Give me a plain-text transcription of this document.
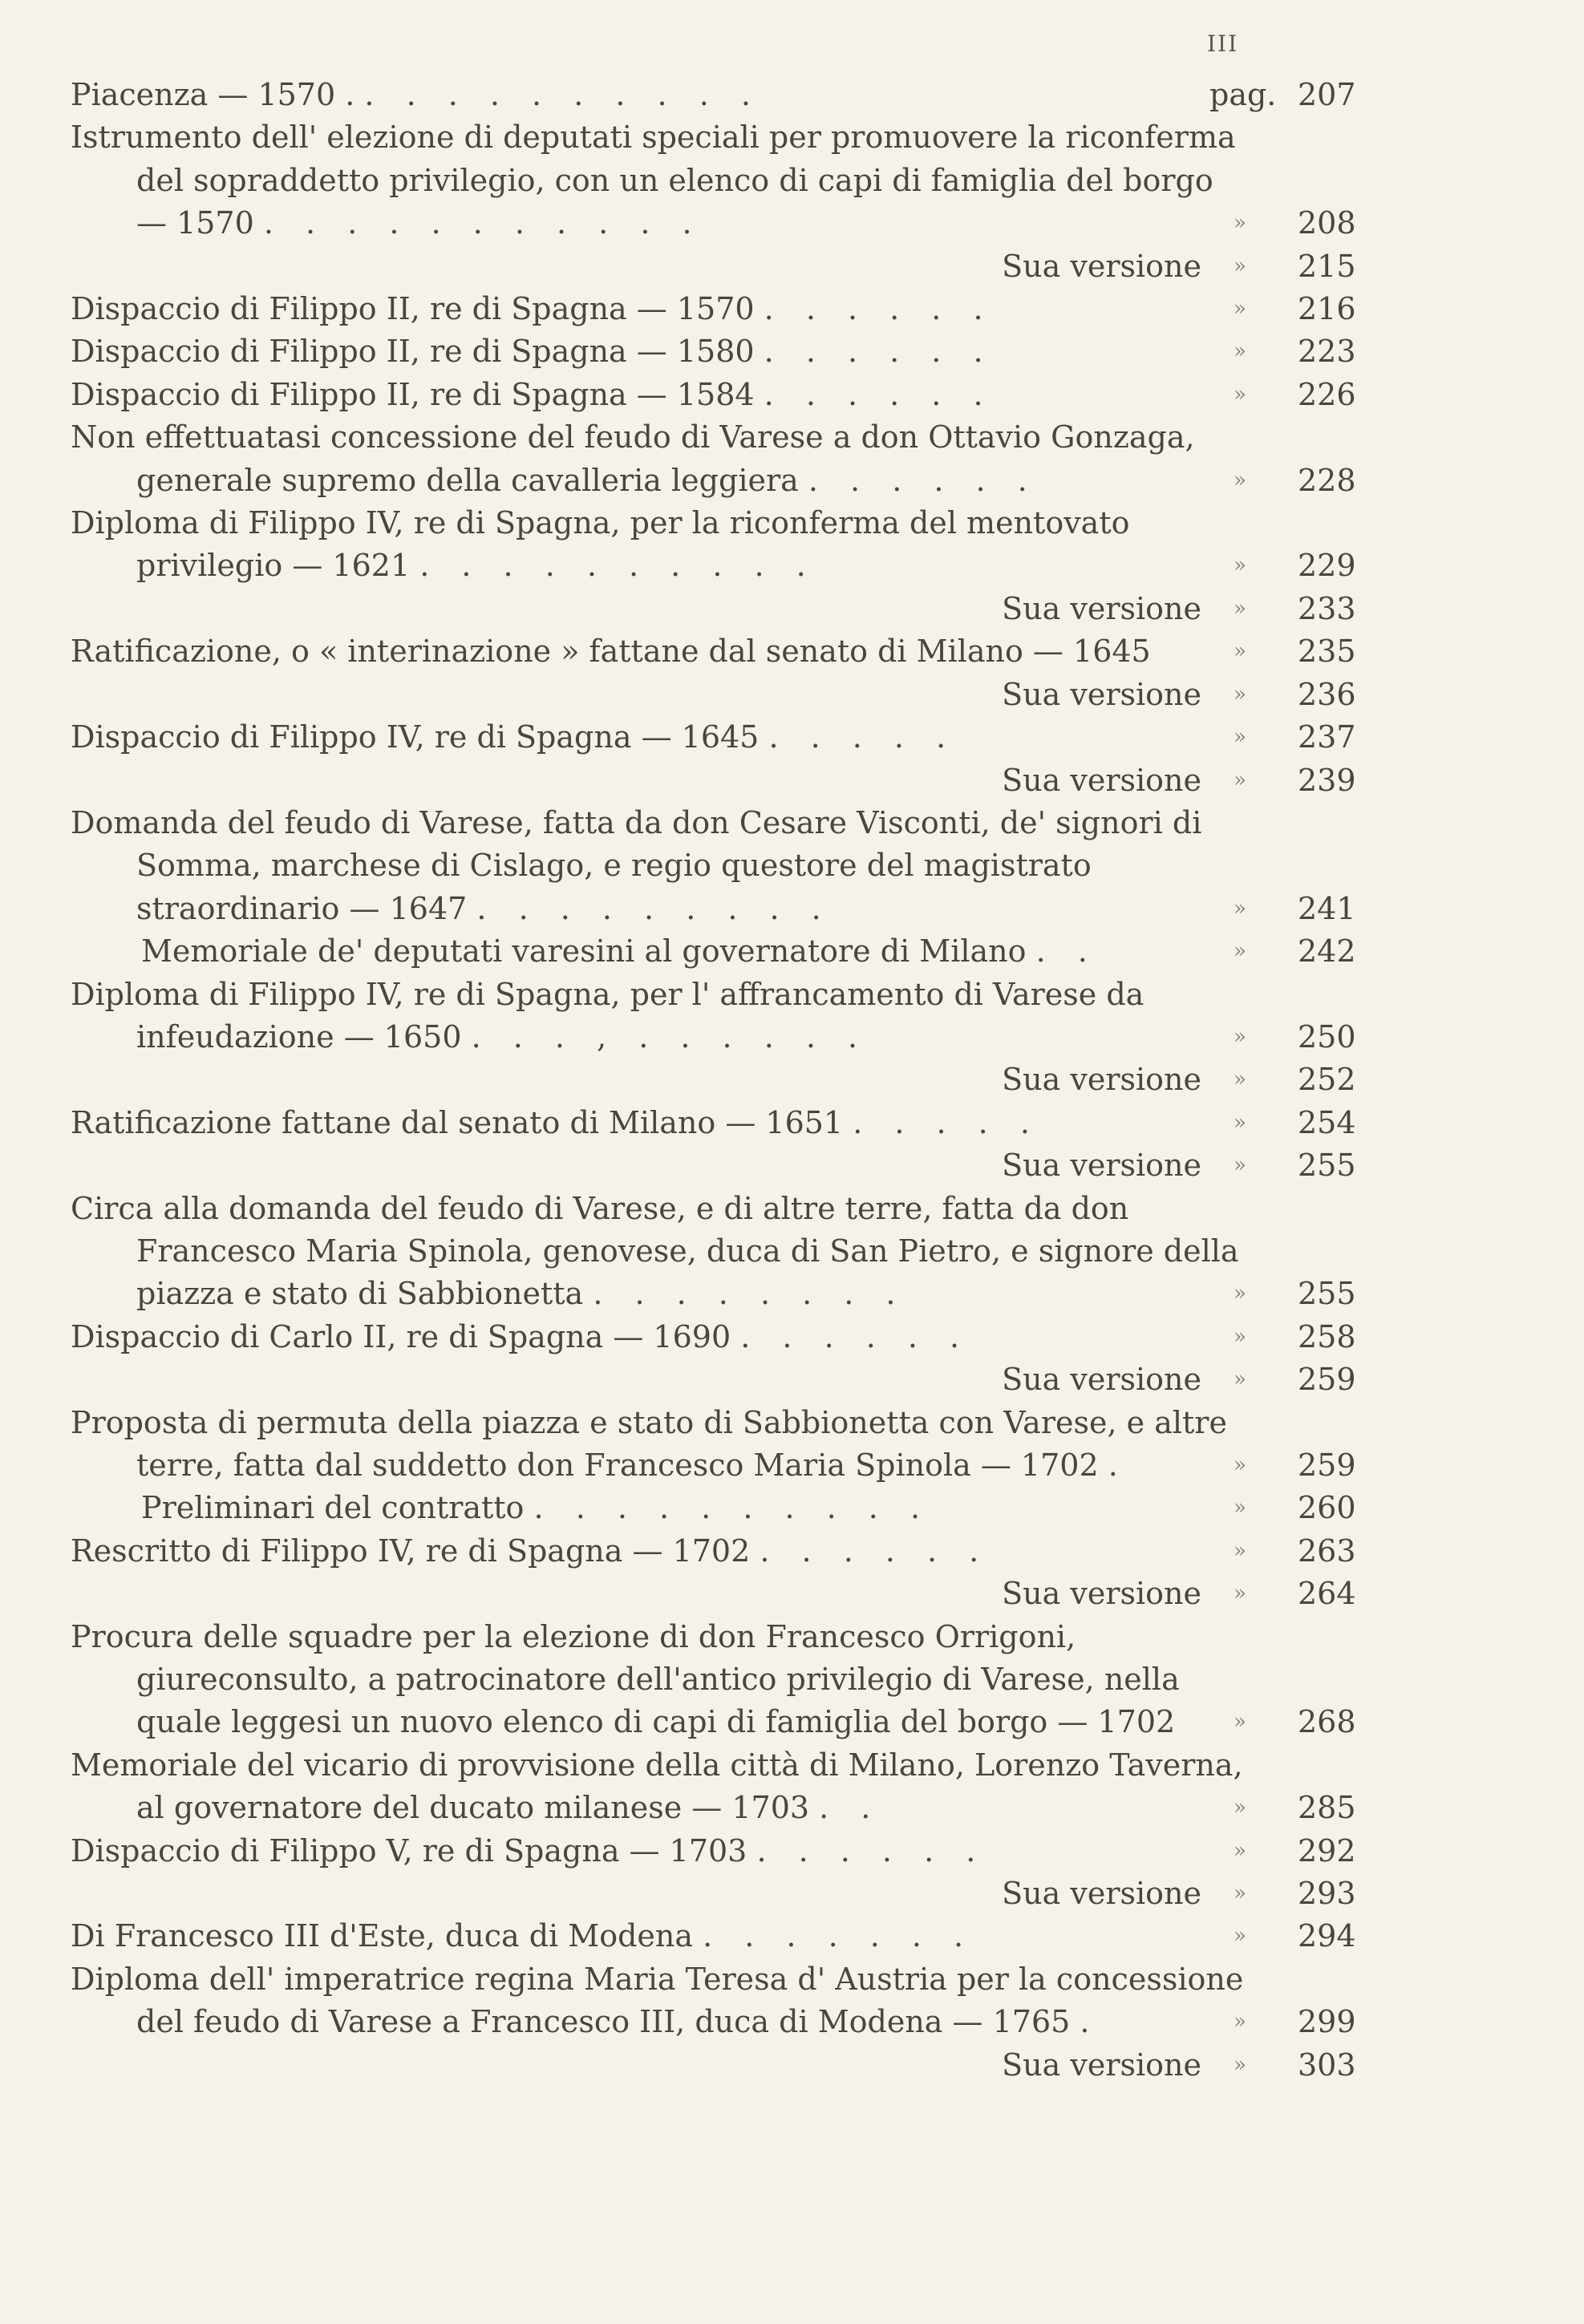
III
Piacenza — 1570 . . . . . . . . . . .	pag. 207
Istrumento dell' elezione di deputati speciali per promuovere la riconferma del sopraddetto privilegio, con un elenco di capi di famiglia del borgo — 1570 . . . . . . . . . . .	» 208
Sua versione	» 215
Dispaccio di Filippo II, re di Spagna — 1570 . . . . . .	» 216
Dispaccio di Filippo II, re di Spagna — 1580 . . . . . .	» 223
Dispaccio di Filippo II, re di Spagna — 1584 . . . . . .	» 226
Non effettuatasi concessione del feudo di Varese a don Ottavio Gonzaga, generale supremo della cavalleria leggiera . . . . . .	» 228
Diploma di Filippo IV, re di Spagna, per la riconferma del mentovato privilegio — 1621 . . . . . . . . . .	» 229
Sua versione	» 233
Ratificazione, o « interinazione » fattane dal senato di Milano — 1645	» 235
Sua versione	» 236
Dispaccio di Filippo IV, re di Spagna — 1645 . . . . .	» 237
Sua versione	» 239
Domanda del feudo di Varese, fatta da don Cesare Visconti, de' signori di Somma, marchese di Cislago, e regio questore del magistrato straordinario — 1647 . . . . . . . . .	» 241
Memoriale de' deputati varesini al governatore di Milano . .	» 242
Diploma di Filippo IV, re di Spagna, per l' affrancamento di Varese da infeudazione — 1650 . . . , . . . . . .	» 250
Sua versione	» 252
Ratificazione fattane dal senato di Milano — 1651 . . . . .	» 254
Sua versione	» 255
Circa alla domanda del feudo di Varese, e di altre terre, fatta da don Francesco Maria Spinola, genovese, duca di San Pietro, e signore della piazza e stato di Sabbionetta . . . . . . . .	» 255
Dispaccio di Carlo II, re di Spagna — 1690 . . . . . .	» 258
Sua versione	» 259
Proposta di permuta della piazza e stato di Sabbionetta con Varese, e altre terre, fatta dal suddetto don Francesco Maria Spinola — 1702 .	» 259
Preliminari del contratto . . . . . . . . . .	» 260
Rescritto di Filippo IV, re di Spagna — 1702 . . . . . .	» 263
Sua versione	» 264
Procura delle squadre per la elezione di don Francesco Orrigoni, giureconsulto, a patrocinatore dell'antico privilegio di Varese, nella quale leggesi un nuovo elenco di capi di famiglia del borgo — 1702	» 268
Memoriale del vicario di provvisione della città di Milano, Lorenzo Taverna, al governatore del ducato milanese — 1703 . .	» 285
Dispaccio di Filippo V, re di Spagna — 1703 . . . . . .	» 292
Sua versione	» 293
Di Francesco III d'Este, duca di Modena . . . . . . .	» 294
Diploma dell' imperatrice regina Maria Teresa d' Austria per la concessione del feudo di Varese a Francesco III, duca di Modena — 1765 .	» 299
Sua versione	» 303
